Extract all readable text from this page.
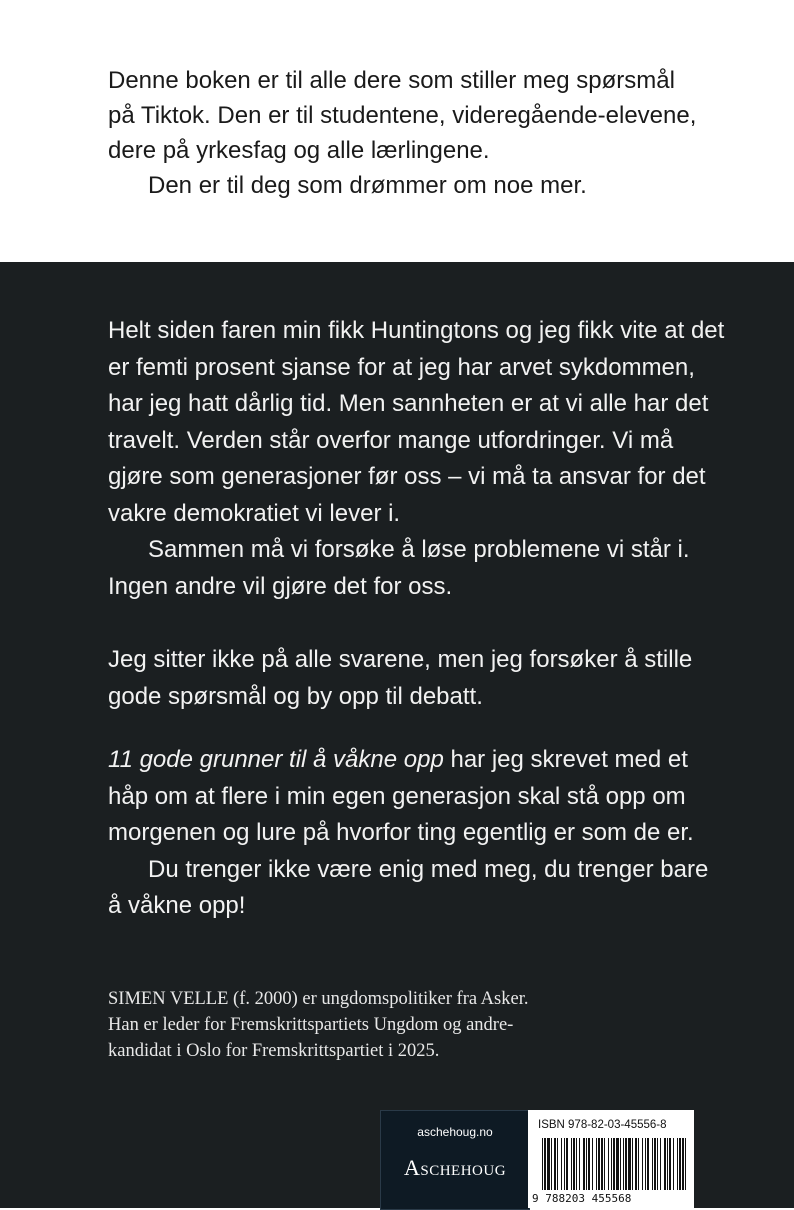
Denne boken er til alle dere som stiller meg spørsmål
på Tiktok. Den er til studentene, videregående-elevene,
dere på yrkesfag og alle lærlingene.
Den er til deg som drømmer om noe mer.

Helt siden faren min fikk Huntingtons og jeg fikk vite at det
er femti prosent sjanse for at jeg har arvet sykdommen,
har jeg hatt dårlig tid. Men sannheten er at vi alle har det
travelt. Verden står overfor mange utfordringer. Vi må
gjøre som generasjoner før oss – vi må ta ansvar for det
vakre demokratiet vi lever i.
Sammen må vi forsøke å løse problemene vi står i.
Ingen andre vil gjøre det for oss.

Jeg sitter ikke på alle svarene, men jeg forsøker å stille
gode spørsmål og by opp til debatt.

11 gode grunner til å våkne opp har jeg skrevet med et
håp om at flere i min egen generasjon skal stå opp om
morgenen og lure på hvorfor ting egentlig er som de er.
Du trenger ikke være enig med meg, du trenger bare
å våkne opp!

SIMEN VELLE (f. 2000) er ungdomspolitiker fra Asker.
Han er leder for Fremskrittspartiets Ungdom og andre-
kandidat i Oslo for Fremskrittspartiet i 2025.

aschehoug.no
Aschehoug
ISBN 978-82-03-45556-8
9 788203 455568
